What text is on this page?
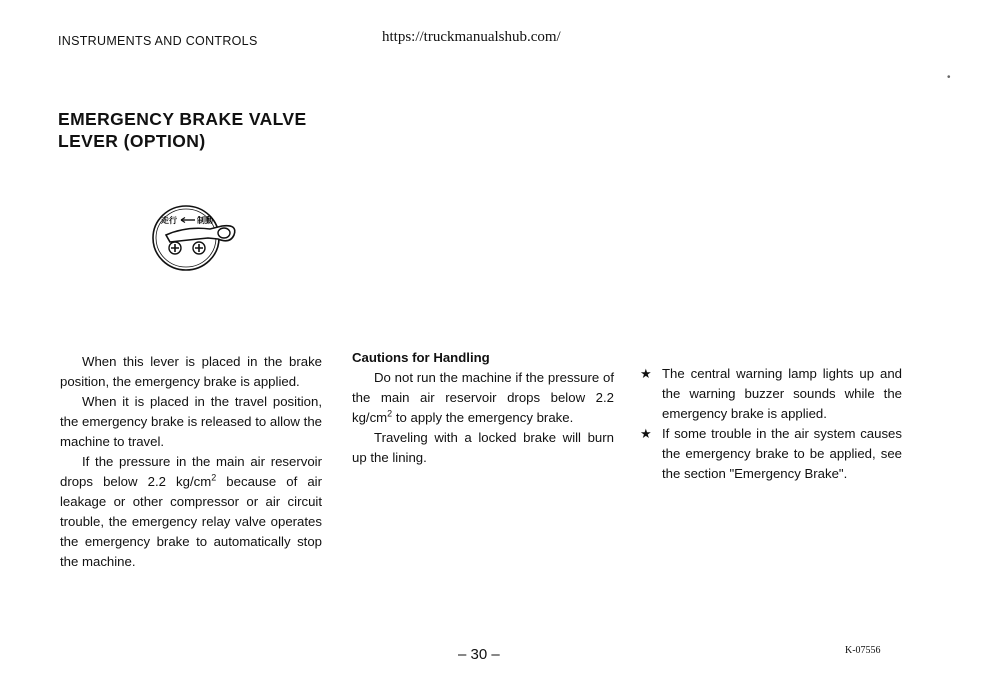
INSTRUMENTS AND CONTROLS	https://truckmanualshub.com/
•
EMERGENCY BRAKE VALVE
LEVER (OPTION)
走行	制動

When this lever is placed in the brake position, the emergency brake is applied.

When it is placed in the travel position, the emergency brake is released to allow the machine to travel.

If the pressure in the main air reservoir drops below 2.2 $kg/cm^2$ because of air leakage or other compressor or air circuit trouble, the emergency relay valve operates the emergency brake to automatically stop the machine.

Cautions for Handling

Do not run the machine if the pressure of the main air reservoir drops below 2.2 $kg/cm^2$ to apply the emergency brake.

Traveling with a locked brake will burn up the lining.

★ The central warning lamp lights up and the warning buzzer sounds while the emergency brake is applied.

★ If some trouble in the air system causes the emergency brake to be applied, see the section "Emergency Brake".

– 30 –	K-07556
